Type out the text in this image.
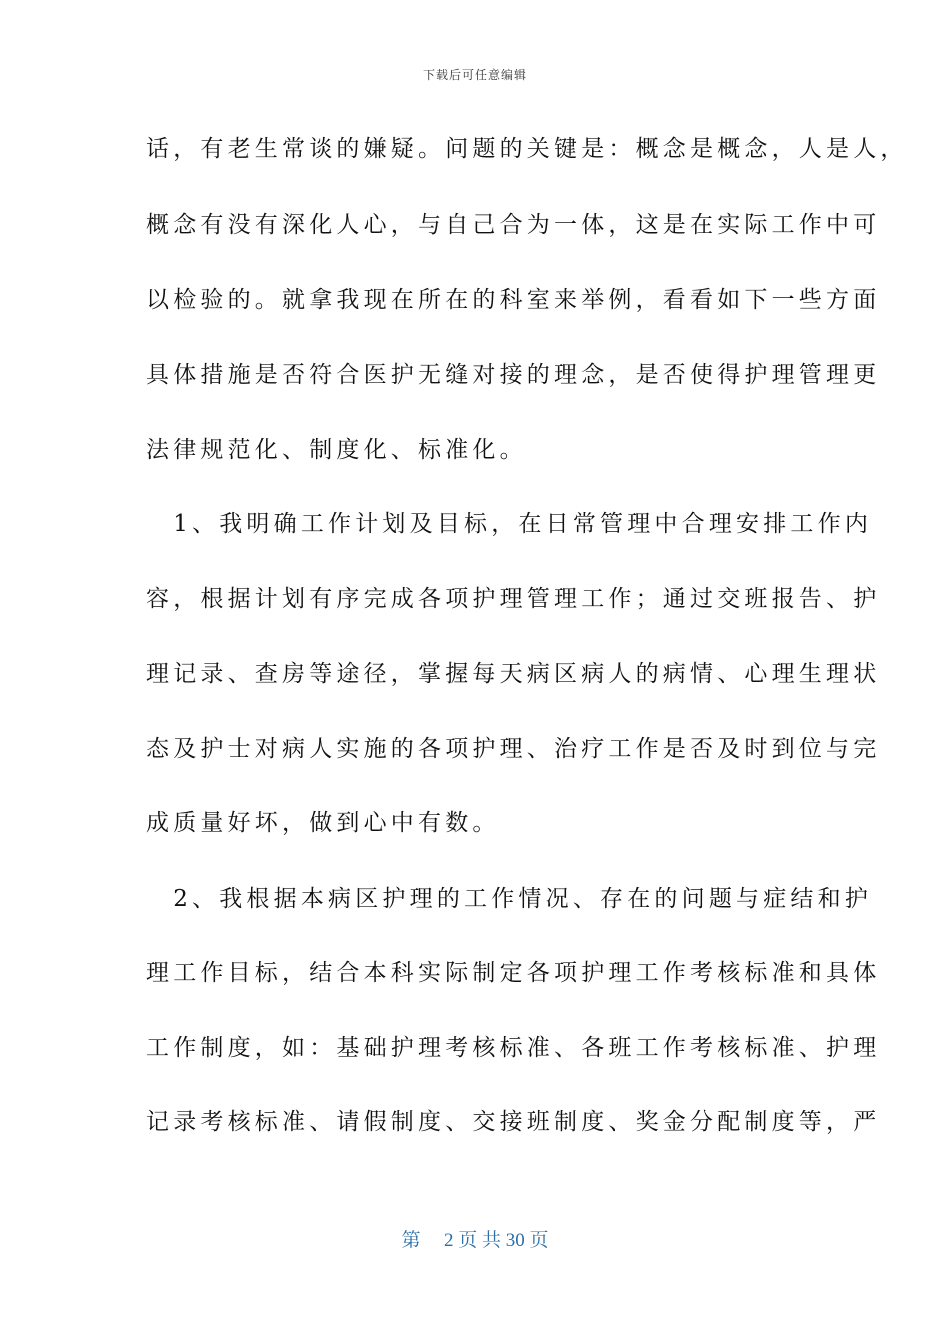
下载后可任意编辑
话，有老生常谈的嫌疑。问题的关键是：概念是概念，人是人，
概念有没有深化人心，与自己合为一体，这是在实际工作中可
以检验的。就拿我现在所在的科室来举例，看看如下一些方面
具体措施是否符合医护无缝对接的理念，是否使得护理管理更
法律规范化、制度化、标准化。
　1、我明确工作计划及目标，在日常管理中合理安排工作内
容，根据计划有序完成各项护理管理工作；通过交班报告、护
理记录、查房等途径，掌握每天病区病人的病情、心理生理状
态及护士对病人实施的各项护理、治疗工作是否及时到位与完
成质量好坏，做到心中有数。
　2、我根据本病区护理的工作情况、存在的问题与症结和护
理工作目标，结合本科实际制定各项护理工作考核标准和具体
工作制度，如：基础护理考核标准、各班工作考核标准、护理
记录考核标准、请假制度、交接班制度、奖金分配制度等，严
第 2 页 共 30 页
